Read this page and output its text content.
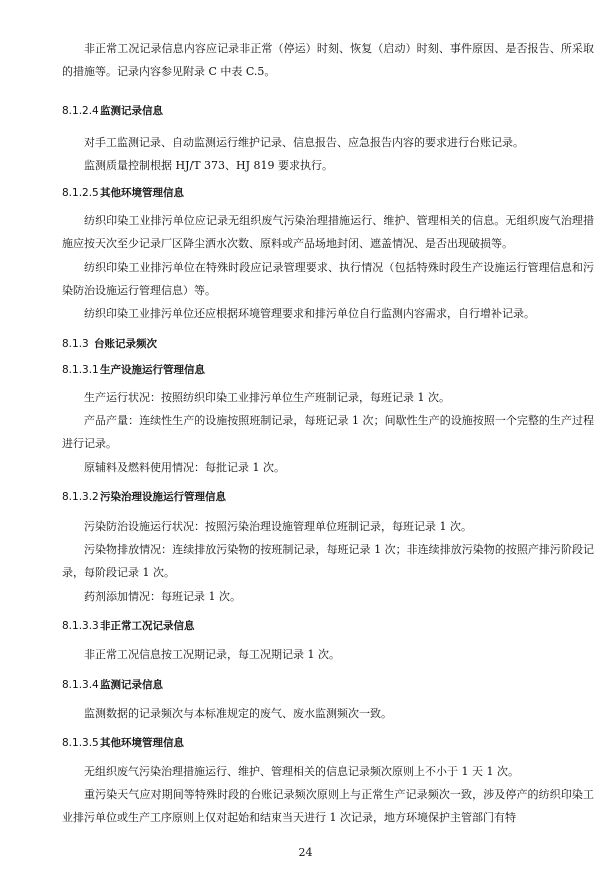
非正常工况记录信息内容应记录非正常（停运）时刻、恢复（启动）时刻、事件原因、是否报告、所采取的措施等。记录内容参见附录 C 中表 C.5。

8.1.2.4监测记录信息

对手工监测记录、自动监测运行维护记录、信息报告、应急报告内容的要求进行台账记录。

监测质量控制根据 HJ/T 373、HJ 819 要求执行。

8.1.2.5其他环境管理信息

纺织印染工业排污单位应记录无组织废气污染治理措施运行、维护、管理相关的信息。无组织废气治理措施应按天次至少记录厂区降尘洒水次数、原料或产品场地封闭、遮盖情况、是否出现破损等。

纺织印染工业排污单位在特殊时段应记录管理要求、执行情况（包括特殊时段生产设施运行管理信息和污染防治设施运行管理信息）等。

纺织印染工业排污单位还应根据环境管理要求和排污单位自行监测内容需求，自行增补记录。

8.1.3 台账记录频次

8.1.3.1生产设施运行管理信息

生产运行状况：按照纺织印染工业排污单位生产班制记录，每班记录 1 次。

产品产量：连续性生产的设施按照班制记录，每班记录 1 次；间歇性生产的设施按照一个完整的生产过程进行记录。

原辅料及燃料使用情况：每批记录 1 次。

8.1.3.2污染治理设施运行管理信息

污染防治设施运行状况：按照污染治理设施管理单位班制记录，每班记录 1 次。

污染物排放情况：连续排放污染物的按班制记录，每班记录 1 次；非连续排放污染物的按照产排污阶段记录，每阶段记录 1 次。

药剂添加情况：每班记录 1 次。

8.1.3.3非正常工况记录信息

非正常工况信息按工况期记录，每工况期记录 1 次。

8.1.3.4监测记录信息

监测数据的记录频次与本标准规定的废气、废水监测频次一致。

8.1.3.5其他环境管理信息

无组织废气污染治理措施运行、维护、管理相关的信息记录频次原则上不小于 1 天 1 次。

重污染天气应对期间等特殊时段的台账记录频次原则上与正常生产记录频次一致，涉及停产的纺织印染工业排污单位或生产工序原则上仅对起始和结束当天进行 1 次记录，地方环境保护主管部门有特

24
